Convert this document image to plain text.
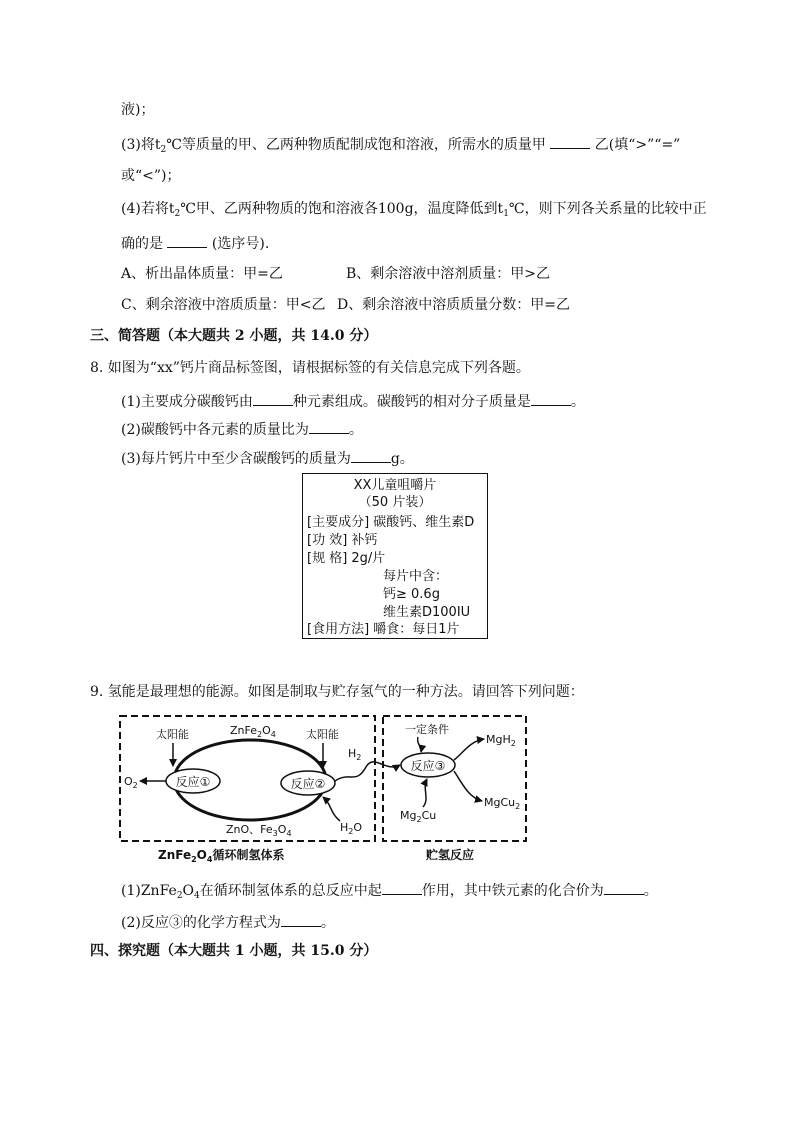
液)；
(3)将$t_2℃$等质量的甲、乙两种物质配制成饱和溶液，所需水的质量甲	乙(填“>”“=”
或“<”)；
(4)若将$t_2℃$甲、乙两种物质的饱和溶液各100g，温度降低到$t_1℃$，则下列各关系量的比较中正
确的是	(选序号).
A、析出晶体质量：甲=乙	B、剩余溶液中溶剂质量：甲>乙
C、剩余溶液中溶质质量：甲<乙 D、剩余溶液中溶质质量分数：甲=乙
三、简答题（本大题共 2 小题，共 14.0 分）
8. 如图为“xx”钙片商品标签图，请根据标签的有关信息完成下列各题。
(1)主要成分碳酸钙由	种元素组成。碳酸钙的相对分子质量是	。
(2)碳酸钙中各元素的质量比为	。
(3)每片钙片中至少含碳酸钙的质量为	g。
XX儿童咀嚼片
（50 片装）
[主要成分] 碳酸钙、维生素D
[功 效] 补钙
[规 格] 2g/片
每片中含：
钙≥ 0.6g
维生素D100IU
[食用方法] 嚼食：每日1片
9. 氢能是最理想的能源。如图是制取与贮存氢气的一种方法。请回答下列问题：
反应①	反应②
反应③
太阳能	太阳能
$ZnFe_2O_4$
$O_2$
$H_2O$
ZnO、$Fe_3O_4$
$H_2$
一定条件
MgH$_2$
MgCu$_2$
$Mg_2Cu$
$ZnFe_2O_4$循环制氢体系	贮氢反应
$(1)ZnFe_2O_4$在循环制氢体系的总反应中起	作用，其中铁元素的化合价为	。
(2)反应③的化学方程式为	。
四、探究题（本大题共 1 小题，共 15.0 分）
